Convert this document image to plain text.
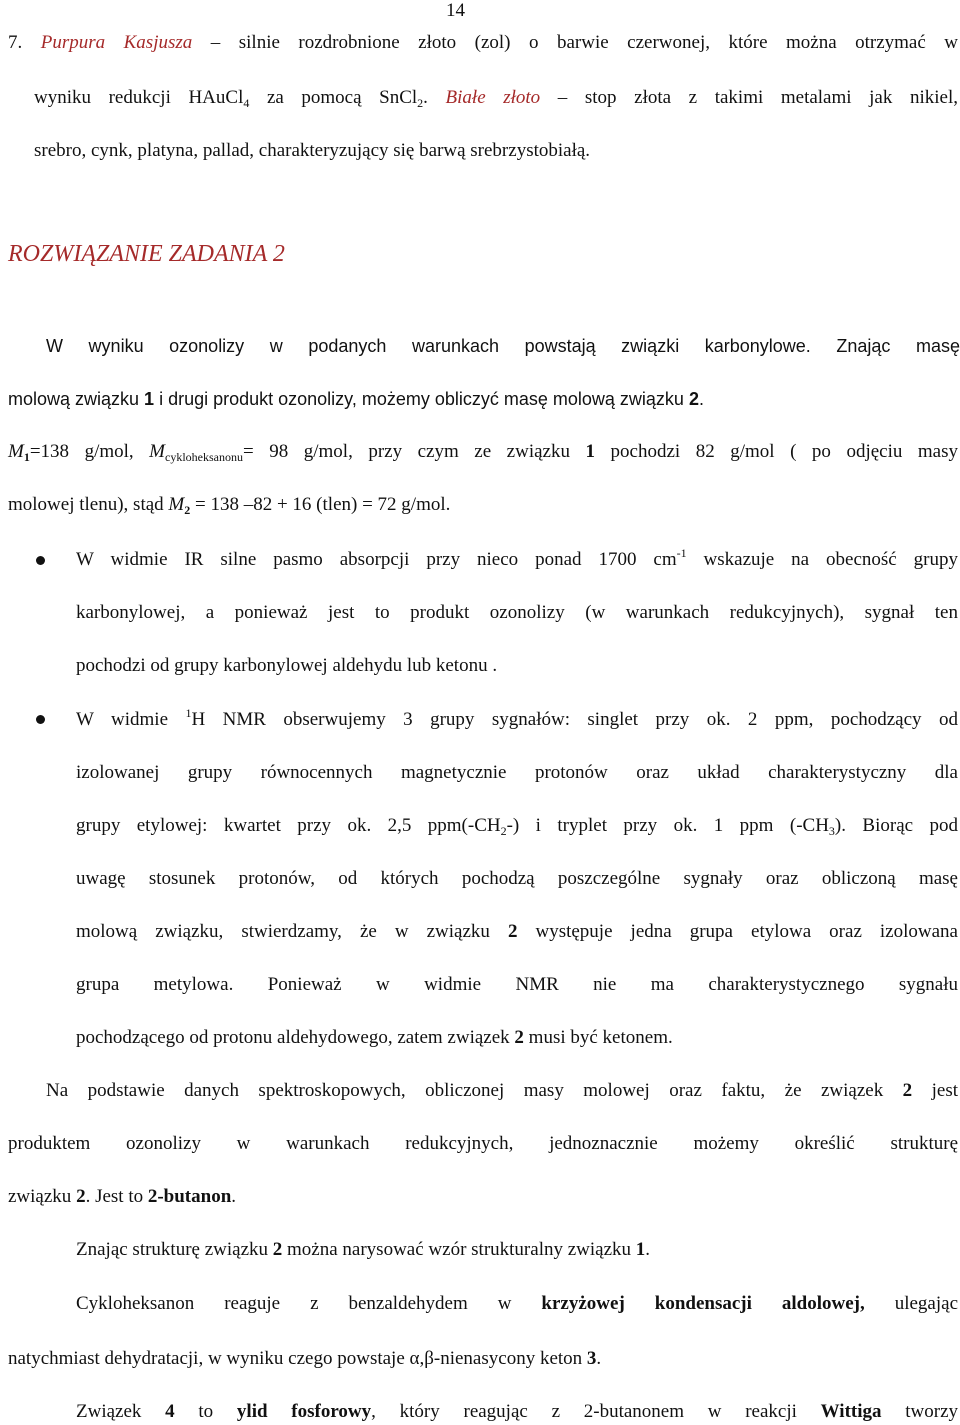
14
7. Purpura Kasjusza – silnie rozdrobnione złoto (zol) o barwie czerwonej, które można otrzymać w
wyniku redukcji HAuCl$_4$ za pomocą SnCl$_2$. Białe złoto – stop złota z takimi metalami jak nikiel,
srebro, cynk, platyna, pallad, charakteryzujący się barwą srebrzystobiałą.
ROZWIĄZANIE ZADANIA 2
W wyniku ozonolizy w podanych warunkach powstają związki karbonylowe. Znając masę
molową związku 1 i drugi produkt ozonolizy, możemy obliczyć masę molową związku 2.
$M_1=138$ g/mol, $M_{cykloheksanonu}= 98$ g/mol, przy czym ze związku 1 pochodzi 82 g/mol ( po odjęciu masy
molowej tlenu), stąd $M_2 = 138$ –82 + 16 (tlen) = 72 g/mol.
W widmie IR silne pasmo absorpcji przy nieco ponad 1700 $cm^{-1}$ wskazuje na obecność grupy
karbonylowej, a ponieważ jest to produkt ozonolizy (w warunkach redukcyjnych), sygnał ten
pochodzi od grupy karbonylowej aldehydu lub ketonu .
W widmie $^1$H NMR obserwujemy 3 grupy sygnałów: singlet przy ok. 2 ppm, pochodzący od
izolowanej grupy równocennych magnetycznie protonów oraz układ charakterystyczny dla
grupy etylowej: kwartet przy ok. 2,5 $ppm(-CH_2-)$ i tryplet przy ok. 1 ppm $(-CH_3)$. Biorąc pod
uwagę stosunek protonów, od których pochodzą poszczególne sygnały oraz obliczoną masę
molową związku, stwierdzamy, że w związku 2 występuje jedna grupa etylowa oraz izolowana
grupa metylowa. Ponieważ w widmie NMR nie ma charakterystycznego sygnału
pochodzącego od protonu aldehydowego, zatem związek 2 musi być ketonem.
Na podstawie danych spektroskopowych, obliczonej masy molowej oraz faktu, że związek 2 jest
produktem ozonolizy w warunkach redukcyjnych, jednoznacznie możemy określić strukturę
związku 2. Jest to 2-butanon.
Znając strukturę związku 2 można narysować wzór strukturalny związku 1.
Cykloheksanon reaguje z benzaldehydem w krzyżowej kondensacji aldolowej, ulegając
natychmiast dehydratacji, w wyniku czego powstaje α,β-nienasycony keton 3.
Związek 4 to ylid fosforowy, który reagując z 2-butanonem w reakcji Wittiga tworzy
